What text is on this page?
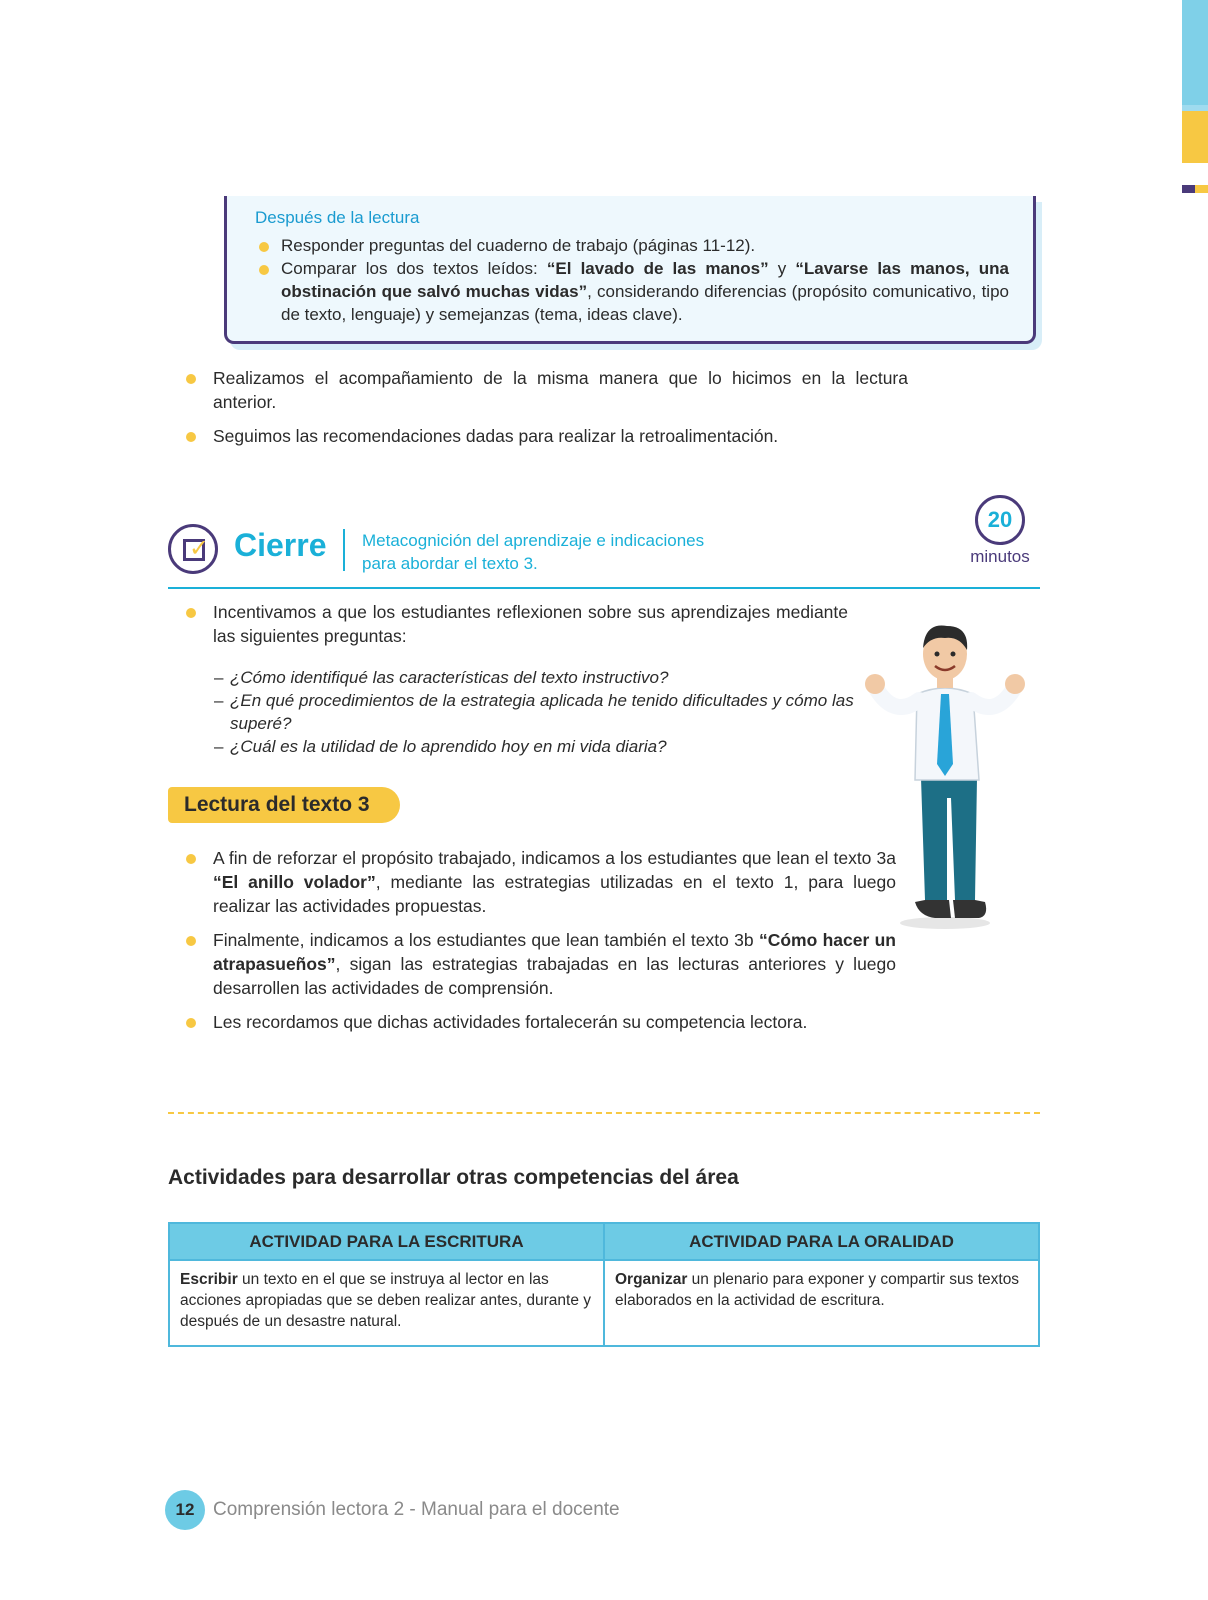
Después de la lectura
Responder preguntas del cuaderno de trabajo (páginas 11-12).
Comparar los dos textos leídos: “El lavado de las manos” y “Lavarse las manos, una obstinación que salvó muchas vidas”, considerando diferencias (propósito comunicativo, tipo de texto, lenguaje) y semejanzas (tema, ideas clave).
Realizamos el acompañamiento de la misma manera que lo hicimos en la lectura anterior.
Seguimos las recomendaciones dadas para realizar la retroalimentación.
✓ Cierre Metacognición del aprendizaje e indicaciones
para abordar el texto 3.
20
minutos
Incentivamos a que los estudiantes reflexionen sobre sus aprendizajes mediante las siguientes preguntas:
– ¿Cómo identifiqué las características del texto instructivo?
– ¿En qué procedimientos de la estrategia aplicada he tenido dificultades y cómo las superé?
– ¿Cuál es la utilidad de lo aprendido hoy en mi vida diaria?
Lectura del texto 3
A fin de reforzar el propósito trabajado, indicamos a los estudiantes que lean el texto 3a “El anillo volador”, mediante las estrategias utilizadas en el texto 1, para luego realizar las actividades propuestas.
Finalmente, indicamos a los estudiantes que lean también el texto 3b “Cómo hacer un atrapasueños”, sigan las estrategias trabajadas en las lecturas anteriores y luego desarrollen las actividades de comprensión.
Les recordamos que dichas actividades fortalecerán su competencia lectora.
Actividades para desarrollar otras competencias del área
ACTIVIDAD PARA LA ESCRITURA	ACTIVIDAD PARA LA ORALIDAD
Escribir un texto en el que se instruya al lector en las acciones apropiadas que se deben realizar antes, durante y después de un desastre natural.	Organizar un plenario para exponer y compartir sus textos elaborados en la actividad de escritura.
12 Comprensión lectora 2 - Manual para el docente
